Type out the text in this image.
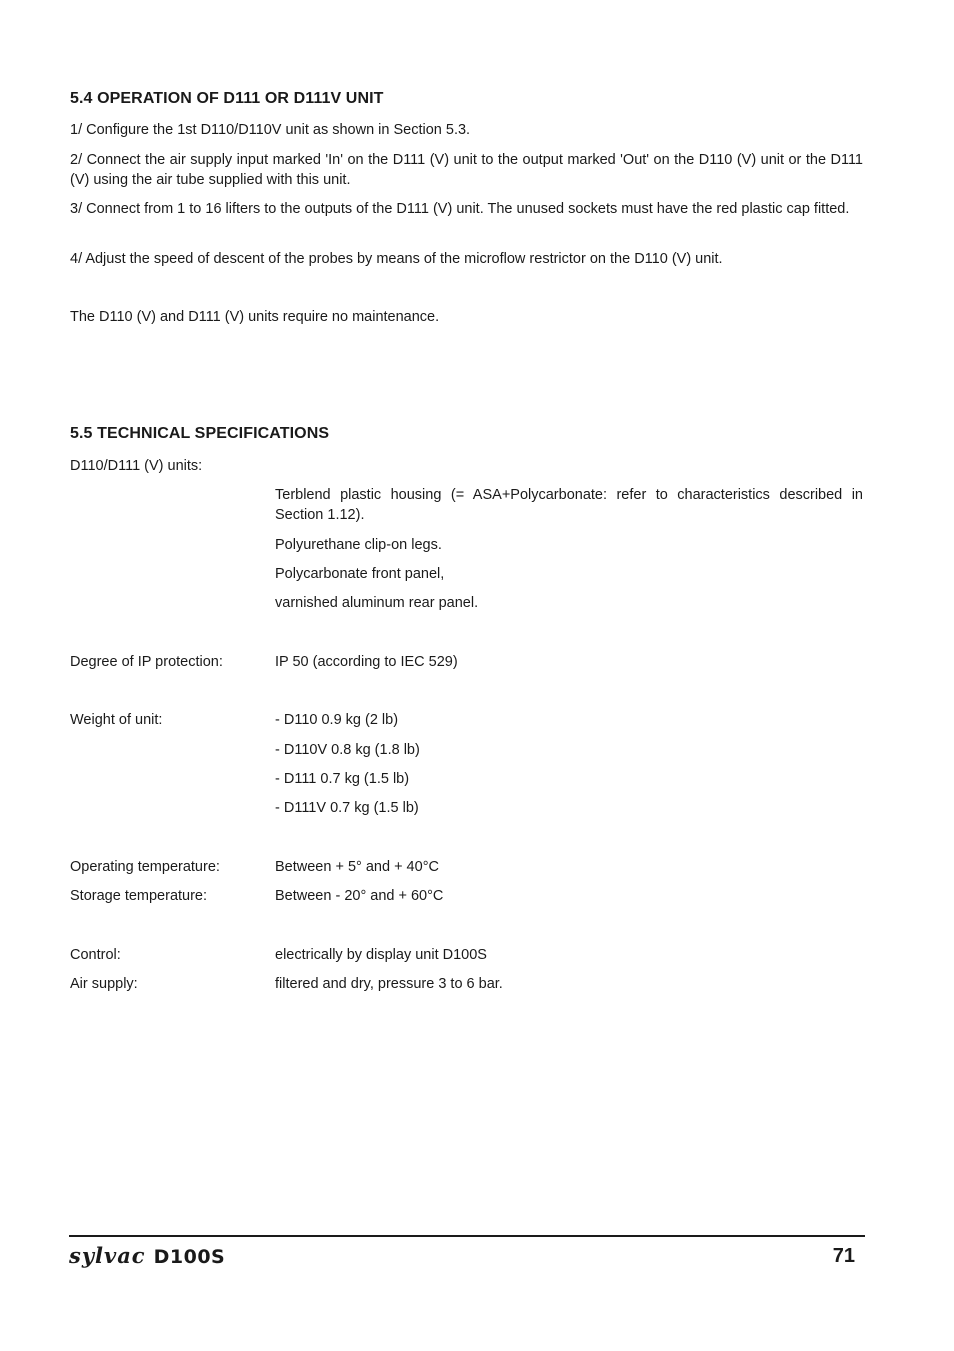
5.4 OPERATION OF D111 OR D111V UNIT

1/ Configure the 1st D110/D110V unit as shown in Section 5.3.

2/ Connect the air supply input marked 'In' on the D111 (V) unit to the output marked 'Out' on the D110 (V) unit or the D111 (V) using the air tube supplied with this unit.

3/ Connect from 1 to 16 lifters to the outputs of the D111 (V) unit. The unused sockets must have the red plastic cap fitted.

4/ Adjust the speed of descent of the probes by means of the microflow restrictor on the D110 (V) unit.

The D110 (V) and D111 (V) units require no maintenance.

5.5 TECHNICAL SPECIFICATIONS

D110/D111 (V) units:

Terblend plastic housing (= ASA+Polycarbonate: refer to characteristics described in Section 1.12).

Polyurethane clip-on legs.

Polycarbonate front panel,

varnished aluminum rear panel.

Degree of IP protection:	IP 50 (according to IEC 529)

Weight of unit:	- D110 0.9 kg (2 lb)

- D110V 0.8 kg (1.8 lb)

- D111 0.7 kg (1.5 lb)

- D111V 0.7 kg (1.5 lb)

Operating temperature:	Between + 5° and + 40°C

Storage temperature:	Between - 20° and + 60°C

Control:	electrically by display unit D100S

Air supply:	filtered and dry, pressure 3 to 6 bar.

sylvac D100S	71
